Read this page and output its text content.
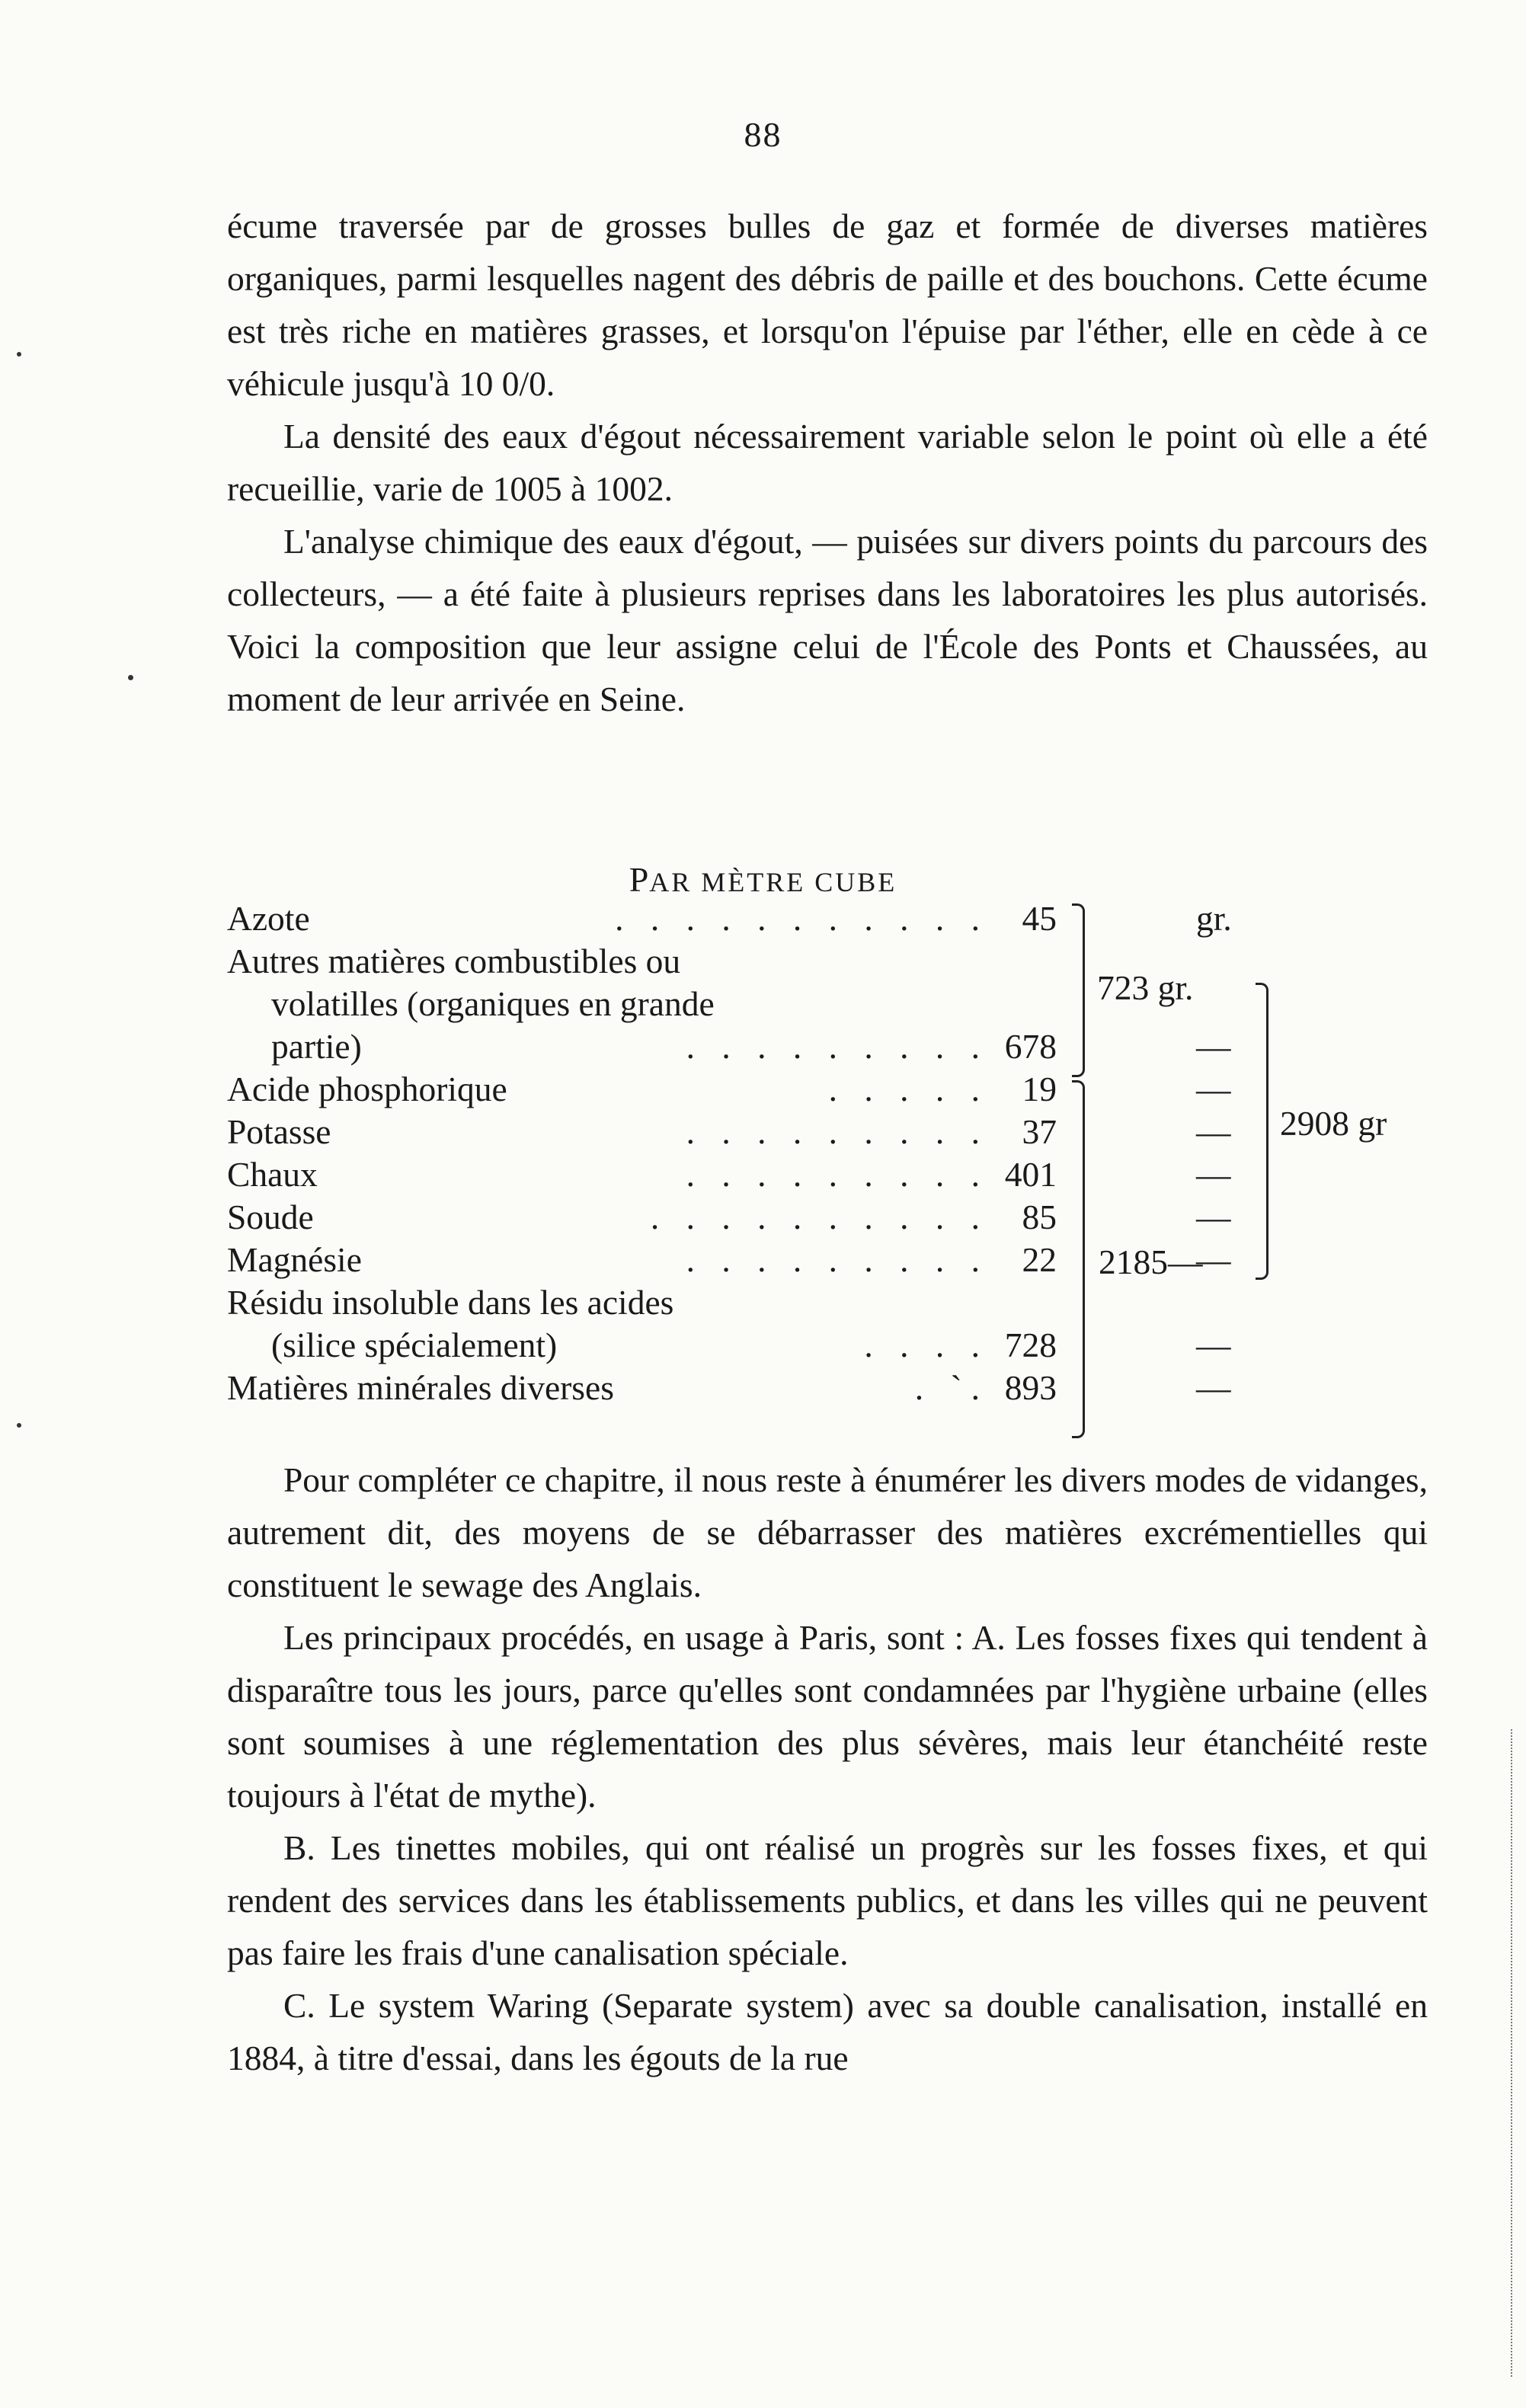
88

écume traversée par de grosses bulles de gaz et formée de diverses matières organiques, parmi lesquelles nagent des débris de paille et des bouchons. Cette écume est très riche en matières grasses, et lorsqu'on l'épuise par l'éther, elle en cède à ce véhicule jusqu'à 10 0/0.

La densité des eaux d'égout nécessairement variable selon le point où elle a été recueillie, varie de 1005 à 1002.

L'analyse chimique des eaux d'égout, — puisées sur divers points du parcours des collecteurs, — a été faite à plusieurs reprises dans les laboratoires les plus autorisés. Voici la composition que leur assigne celui de l'École des Ponts et Chaussées, au moment de leur arrivée en Seine.

PAR MÈTRE CUBE
Azote	. . . . . . . . . . . 45	gr.
Autres matières combustibles ou
volatilles (organiques en grande
partie)	. . . . . . . . . 678	—
Acide phosphorique	. . . . . 19	—
Potasse	. . . . . . . . . 37	—
Chaux	. . . . . . . . . 401	—
Soude	. . . . . . . . . . 85	—
Magnésie	. . . . . . . . . 22	—
Résidu insoluble dans les acides
(silice spécialement)	. . . . 728	—
Matières minérales diverses	. `. 893	—
723 gr.
2185—
2908 gr

Pour compléter ce chapitre, il nous reste à énumérer les divers modes de vidanges, autrement dit, des moyens de se débarrasser des matières excrémentielles qui constituent le sewage des Anglais.

Les principaux procédés, en usage à Paris, sont : A. Les fosses fixes qui tendent à disparaître tous les jours, parce qu'elles sont condamnées par l'hygiène urbaine (elles sont soumises à une réglementation des plus sévères, mais leur étanchéité reste toujours à l'état de mythe).

B. Les tinettes mobiles, qui ont réalisé un progrès sur les fosses fixes, et qui rendent des services dans les établissements publics, et dans les villes qui ne peuvent pas faire les frais d'une canalisation spéciale.

C. Le system Waring (Separate system) avec sa double canalisation, installé en 1884, à titre d'essai, dans les égouts de la rue
